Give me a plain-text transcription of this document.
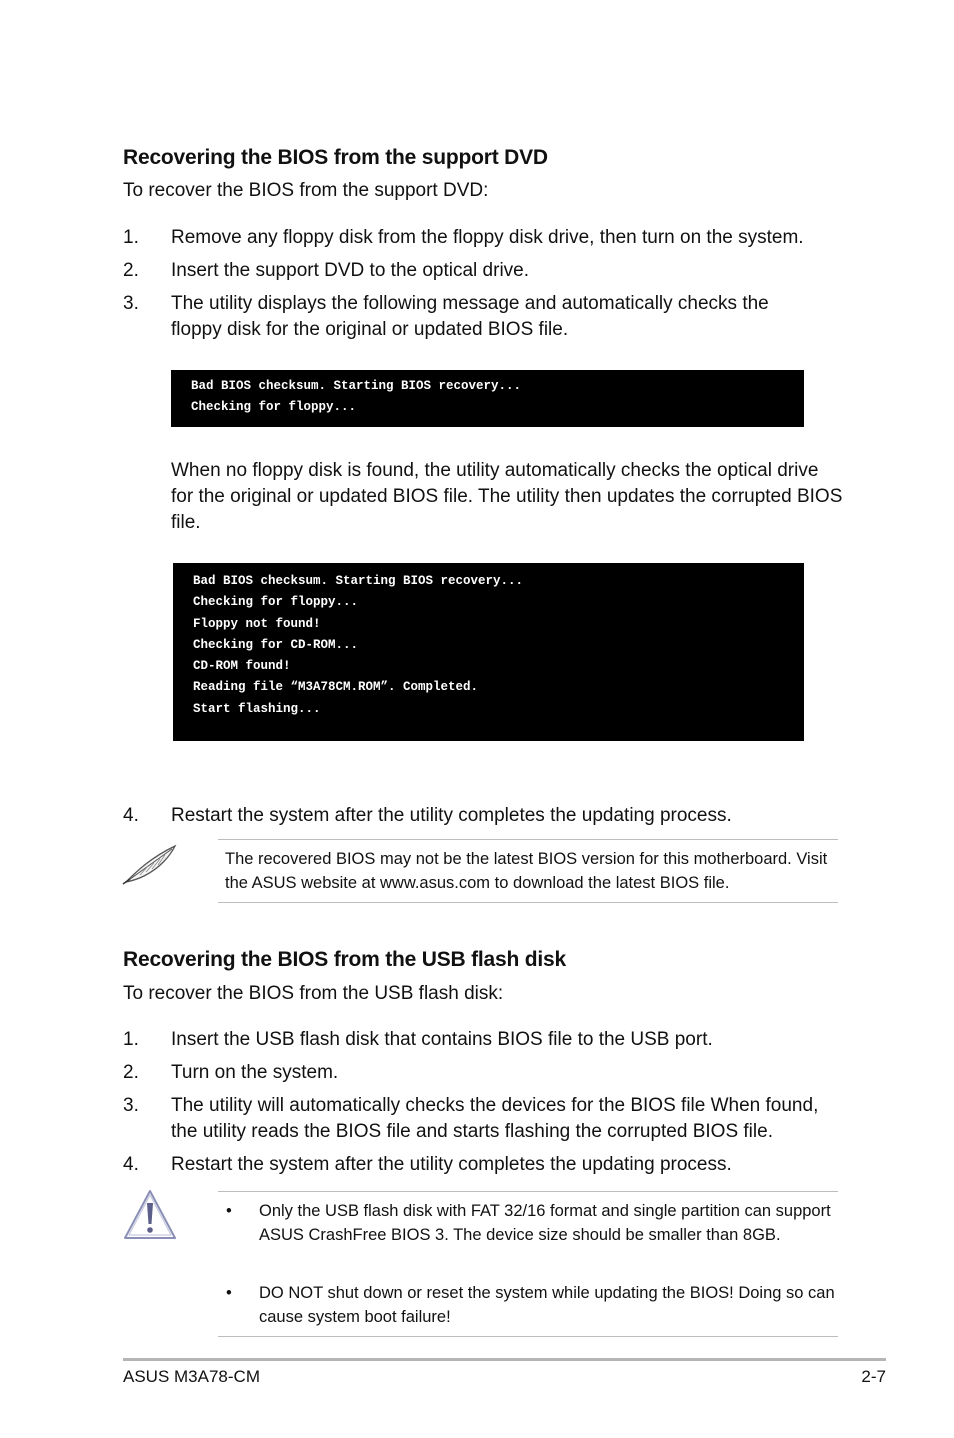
Recovering the BIOS from the support DVD

To recover the BIOS from the support DVD:

1. Remove any floppy disk from the floppy disk drive, then turn on the system.

2. Insert the support DVD to the optical drive.

3. The utility displays the following message and automatically checks the floppy disk for the original or updated BIOS file.

Bad BIOS checksum. Starting BIOS recovery...
Checking for floppy...

When no floppy disk is found, the utility automatically checks the optical drive for the original or updated BIOS file. The utility then updates the corrupted BIOS file.

Bad BIOS checksum. Starting BIOS recovery...
Checking for floppy...
Floppy not found!
Checking for CD-ROM...
CD-ROM found!
Reading file “M3A78CM.ROM”. Completed.
Start flashing...
4. Restart the system after the utility completes the updating process.

The recovered BIOS may not be the latest BIOS version for this motherboard. Visit the ASUS website at www.asus.com to download the latest BIOS file.

Recovering the BIOS from the USB flash disk

To recover the BIOS from the USB flash disk:

1. Insert the USB flash disk that contains BIOS file to the USB port.

2. Turn on the system.

3. The utility will automatically checks the devices for the BIOS file When found, the utility reads the BIOS file and starts flashing the corrupted BIOS file.

4. Restart the system after the utility completes the updating process.

• Only the USB flash disk with FAT 32/16 format and single partition can support ASUS CrashFree BIOS 3. The device size should be smaller than 8GB.

• DO NOT shut down or reset the system while updating the BIOS! Doing so can cause system boot failure!

ASUS M3A78-CM	2-7
